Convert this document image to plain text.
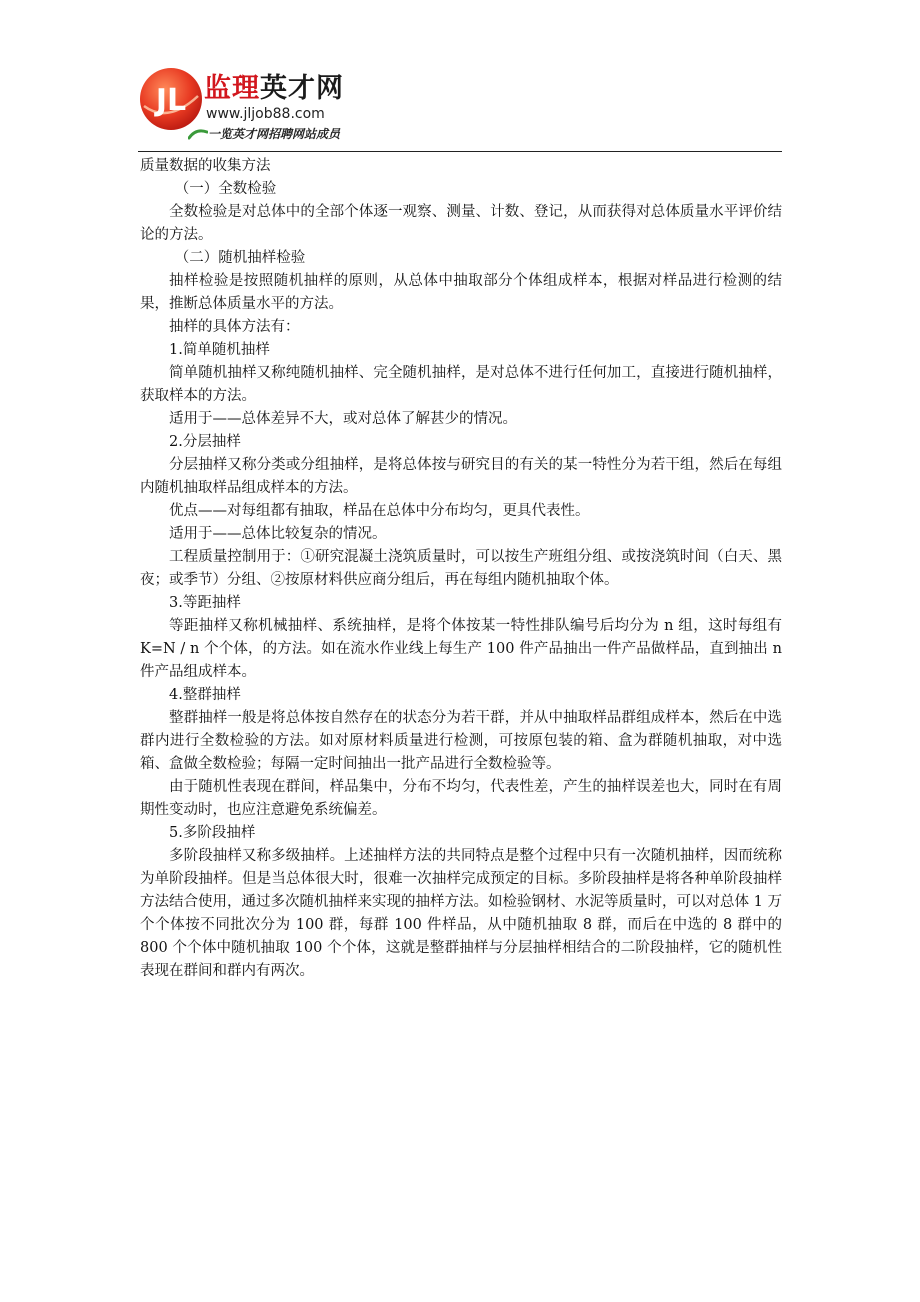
JL 监理英才网
www.jljob88.com
一览英才网招聘网站成员

质量数据的收集方法

（一）全数检验

全数检验是对总体中的全部个体逐一观察、测量、计数、登记，从而获得对总体质量水平评价结论的方法。

（二）随机抽样检验

抽样检验是按照随机抽样的原则，从总体中抽取部分个体组成样本，根据对样品进行检测的结果，推断总体质量水平的方法。

抽样的具体方法有：

1.简单随机抽样

简单随机抽样又称纯随机抽样、完全随机抽样，是对总体不进行任何加工，直接进行随机抽样，获取样本的方法。

适用于——总体差异不大，或对总体了解甚少的情况。

2.分层抽样

分层抽样又称分类或分组抽样，是将总体按与研究目的有关的某一特性分为若干组，然后在每组内随机抽取样品组成样本的方法。

优点——对每组都有抽取，样品在总体中分布均匀，更具代表性。

适用于——总体比较复杂的情况。

工程质量控制用于：①研究混凝土浇筑质量时，可以按生产班组分组、或按浇筑时间（白天、黑夜；或季节）分组、②按原材料供应商分组后，再在每组内随机抽取个体。

3.等距抽样

等距抽样又称机械抽样、系统抽样，是将个体按某一特性排队编号后均分为 n 组，这时每组有 K=N / n 个个体，的方法。如在流水作业线上每生产 100 件产品抽出一件产品做样品，直到抽出 n 件产品组成样本。

4.整群抽样

整群抽样一般是将总体按自然存在的状态分为若干群，并从中抽取样品群组成样本，然后在中选群内进行全数检验的方法。如对原材料质量进行检测，可按原包装的箱、盒为群随机抽取，对中选箱、盒做全数检验；每隔一定时间抽出一批产品进行全数检验等。

由于随机性表现在群间，样品集中，分布不均匀，代表性差，产生的抽样误差也大，同时在有周期性变动时，也应注意避免系统偏差。

5.多阶段抽样

多阶段抽样又称多级抽样。上述抽样方法的共同特点是整个过程中只有一次随机抽样，因而统称为单阶段抽样。但是当总体很大时，很难一次抽样完成预定的目标。多阶段抽样是将各种单阶段抽样方法结合使用，通过多次随机抽样来实现的抽样方法。如检验钢材、水泥等质量时，可以对总体 1 万个个体按不同批次分为 100 群，每群 100 件样品，从中随机抽取 8 群，而后在中选的 8 群中的 800 个个体中随机抽取 100 个个体，这就是整群抽样与分层抽样相结合的二阶段抽样，它的随机性表现在群间和群内有两次。
